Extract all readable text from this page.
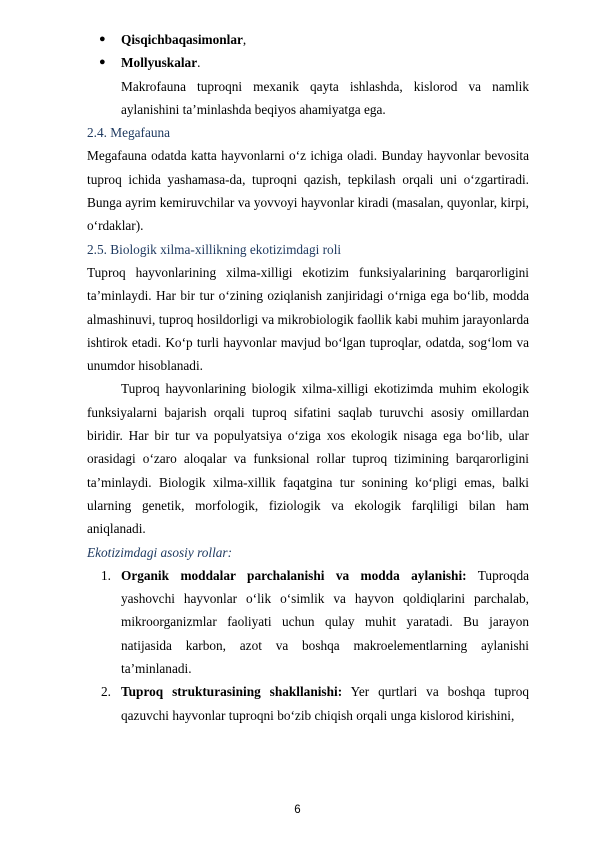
● Qisqichbaqasimonlar,
● Mollyuskalar.
Makrofauna tuproqni mexanik qayta ishlashda, kislorod va namlik aylanishini ta’minlashda beqiyos ahamiyatga ega.
2.4. Megafauna

Megafauna odatda katta hayvonlarni o‘z ichiga oladi. Bunday hayvonlar bevosita tuproq ichida yashamasa-da, tuproqni qazish, tepkilash orqali uni o‘zgartiradi. Bunga ayrim kemiruvchilar va yovvoyi hayvonlar kiradi (masalan, quyonlar, kirpi, o‘rdaklar).

2.5. Biologik xilma-xillikning ekotizimdagi roli

Tuproq hayvonlarining xilma-xilligi ekotizim funksiyalarining barqarorligini ta’minlaydi. Har bir tur o‘zining oziqlanish zanjiridagi o‘rniga ega bo‘lib, modda almashinuvi, tuproq hosildorligi va mikrobiologik faollik kabi muhim jarayonlarda ishtirok etadi. Ko‘p turli hayvonlar mavjud bo‘lgan tuproqlar, odatda, sog‘lom va unumdor hisoblanadi.

Tuproq hayvonlarining biologik xilma-xilligi ekotizimda muhim ekologik funksiyalarni bajarish orqali tuproq sifatini saqlab turuvchi asosiy omillardan biridir. Har bir tur va populyatsiya o‘ziga xos ekologik nisaga ega bo‘lib, ular orasidagi o‘zaro aloqalar va funksional rollar tuproq tizimining barqarorligini ta’minlaydi. Biologik xilma-xillik faqatgina tur sonining ko‘pligi emas, balki ularning genetik, morfologik, fiziologik va ekologik farqliligi bilan ham aniqlanadi.

Ekotizimdagi asosiy rollar:
1. Organik moddalar parchalanishi va modda aylanishi: Tuproqda yashovchi hayvonlar o‘lik o‘simlik va hayvon qoldiqlarini parchalab, mikroorganizmlar faoliyati uchun qulay muhit yaratadi. Bu jarayon natijasida karbon, azot va boshqa makroelementlarning aylanishi ta’minlanadi.
2. Tuproq strukturasining shakllanishi: Yer qurtlari va boshqa tuproq qazuvchi hayvonlar tuproqni bo‘zib chiqish orqali unga kislorod kirishini,
6
